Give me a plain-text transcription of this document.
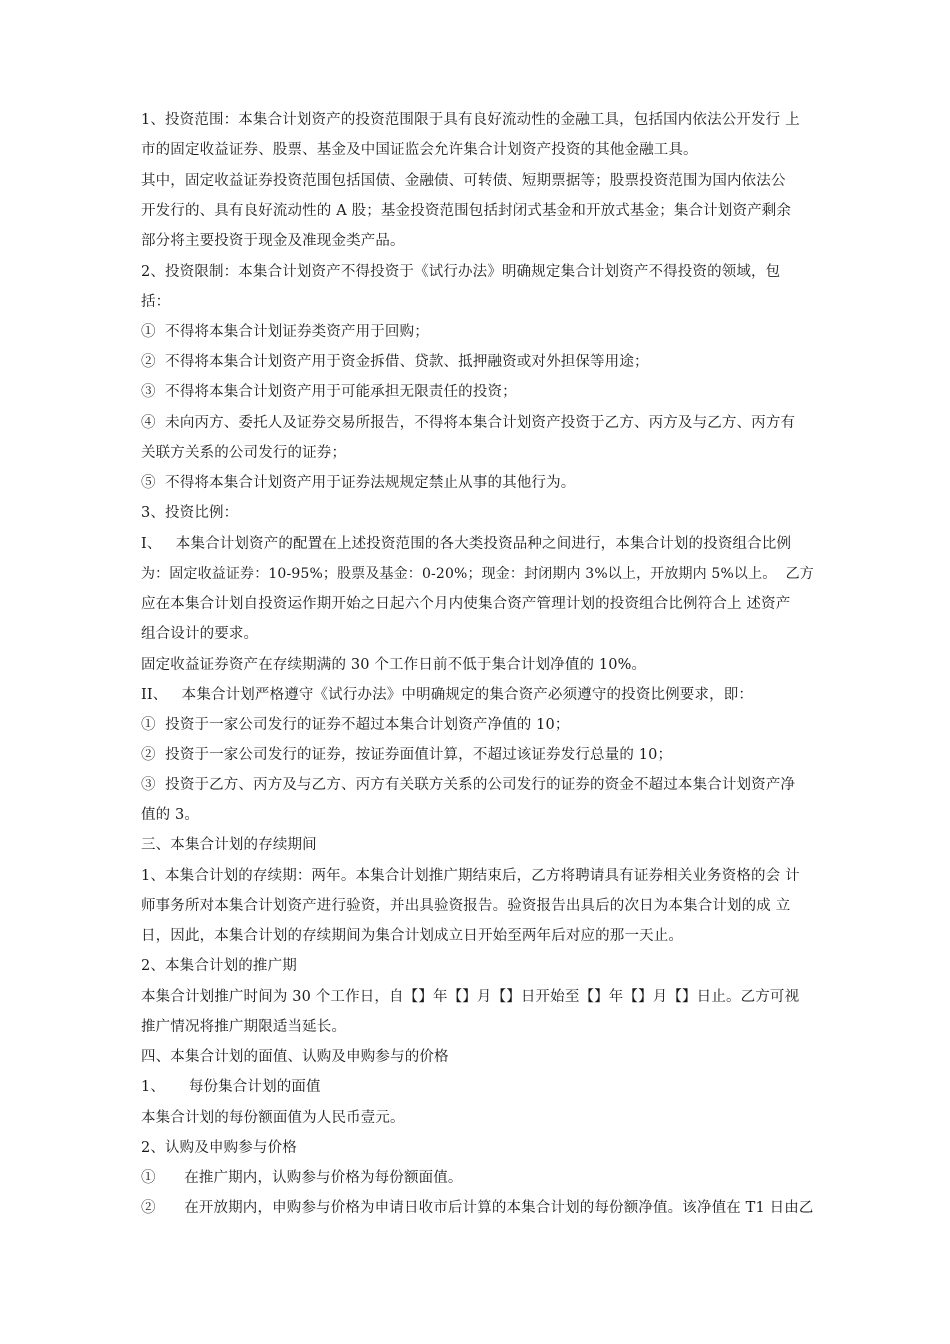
1、投资范围：本集合计划资产的投资范围限于具有良好流动性的金融工具，包括国内依法公开发行 上
市的固定收益证券、股票、基金及中国证监会允许集合计划资产投资的其他金融工具。
其中，固定收益证券投资范围包括国债、金融债、可转债、短期票据等；股票投资范围为国内依法公
开发行的、具有良好流动性的 A 股；基金投资范围包括封闭式基金和开放式基金；集合计划资产剩余
部分将主要投资于现金及准现金类产品。
2、投资限制：本集合计划资产不得投资于《试行办法》明确规定集合计划资产不得投资的领域，包
括：
①  不得将本集合计划证券类资产用于回购；
②  不得将本集合计划资产用于资金拆借、贷款、抵押融资或对外担保等用途；
③  不得将本集合计划资产用于可能承担无限责任的投资；
④  未向丙方、委托人及证券交易所报告，不得将本集合计划资产投资于乙方、丙方及与乙方、丙方有
关联方关系的公司发行的证券；
⑤  不得将本集合计划资产用于证券法规规定禁止从事的其他行为。
3、投资比例：
I、   本集合计划资产的配置在上述投资范围的各大类投资品种之间进行，本集合计划的投资组合比例
为：固定收益证券：10-95%；股票及基金：0-20%；现金：封闭期内 3%以上，开放期内 5%以上。  乙方
应在本集合计划自投资运作期开始之日起六个月内使集合资产管理计划的投资组合比例符合上 述资产
组合设计的要求。
固定收益证券资产在存续期满的 30 个工作日前不低于集合计划净值的 10%。
II、   本集合计划严格遵守《试行办法》中明确规定的集合资产必须遵守的投资比例要求，即：
①  投资于一家公司发行的证券不超过本集合计划资产净值的 10；
②  投资于一家公司发行的证券，按证券面值计算，不超过该证券发行总量的 10；
③  投资于乙方、丙方及与乙方、丙方有关联方关系的公司发行的证券的资金不超过本集合计划资产净
值的 3。
三、本集合计划的存续期间
1、本集合计划的存续期：两年。本集合计划推广期结束后，乙方将聘请具有证券相关业务资格的会 计
师事务所对本集合计划资产进行验资，并出具验资报告。验资报告出具后的次日为本集合计划的成 立
日，因此，本集合计划的存续期间为集合计划成立日开始至两年后对应的那一天止。
2、本集合计划的推广期
本集合计划推广时间为 30 个工作日，自【】年【】月【】日开始至【】年【】月【】日止。乙方可视
推广情况将推广期限适当延长。
四、本集合计划的面值、认购及申购参与的价格
1、     每份集合计划的面值
本集合计划的每份额面值为人民币壹元。
2、认购及申购参与价格
①      在推广期内，认购参与价格为每份额面值。
②      在开放期内，申购参与价格为申请日收市后计算的本集合计划的每份额净值。该净值在 T1 日由乙
